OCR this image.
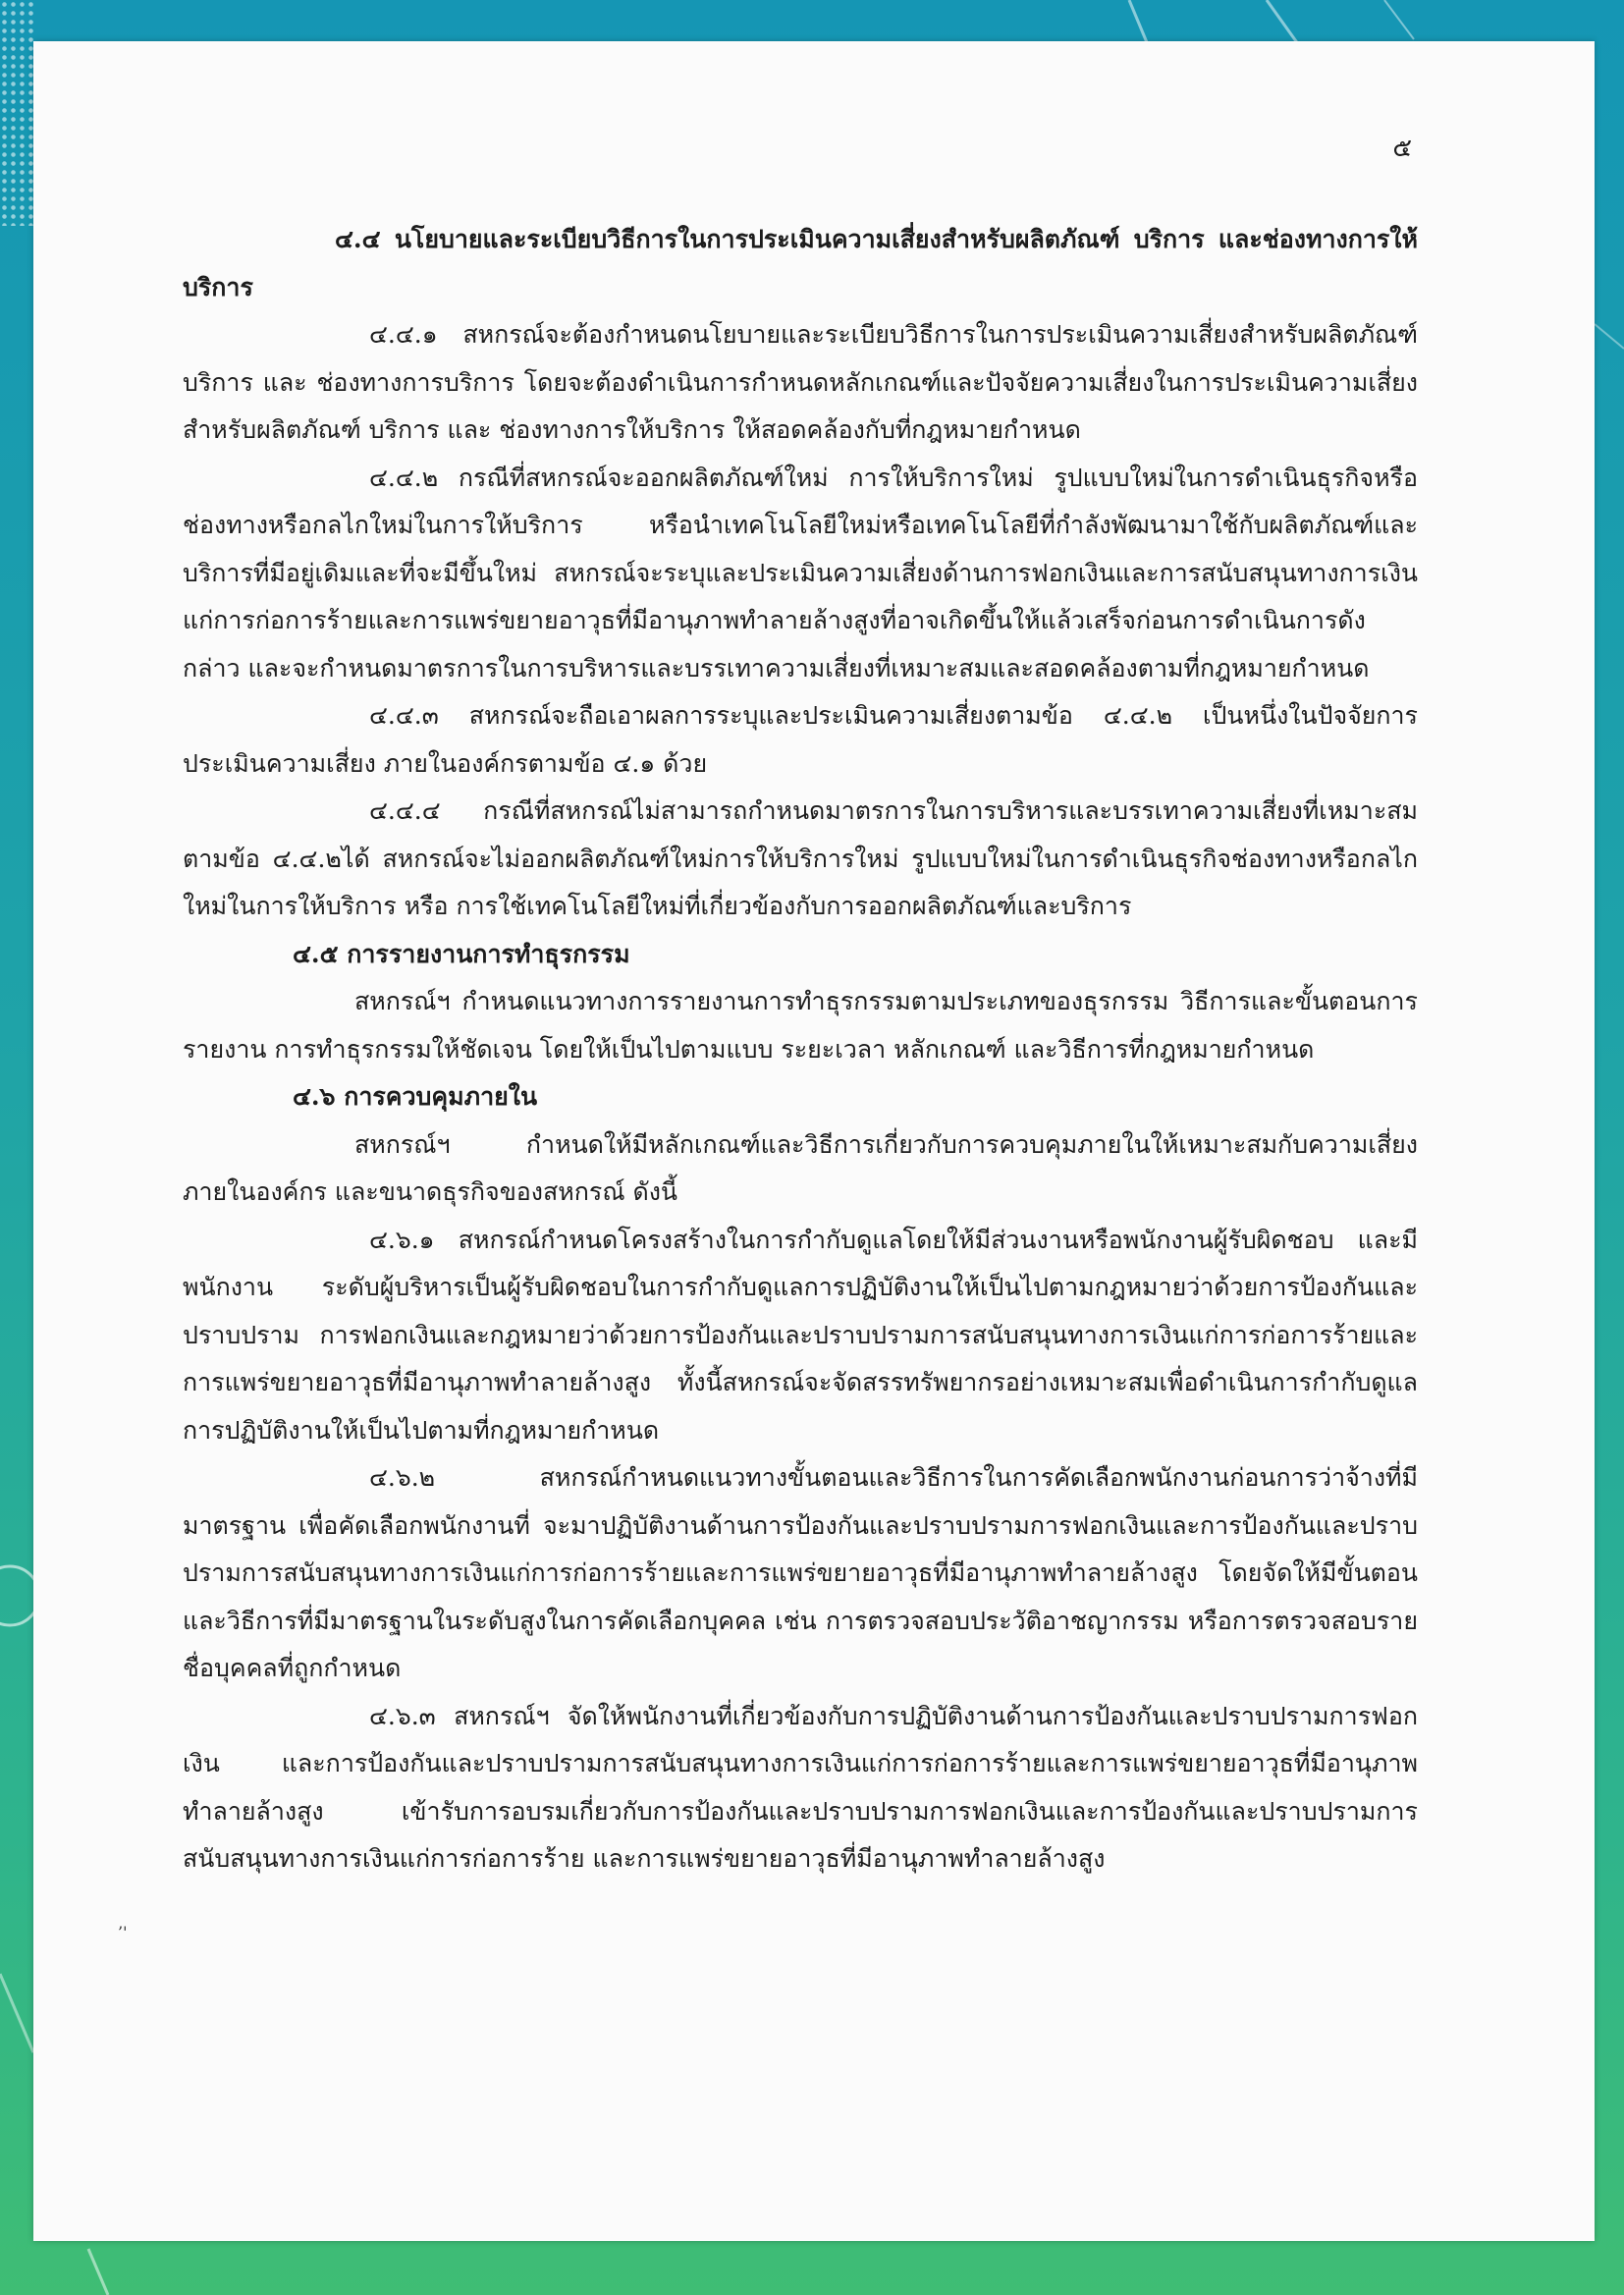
๕

๔.๔ นโยบายและระเบียบวิธีการในการประเมินความเสี่ยงสำหรับผลิตภัณฑ์ บริการ และช่องทางการให้บริการ

๔.๔.๑ สหกรณ์จะต้องกำหนดนโยบายและระเบียบวิธีการในการประเมินความเสี่ยงสำหรับผลิตภัณฑ์ บริการ และ ช่องทางการบริการ โดยจะต้องดำเนินการกำหนดหลักเกณฑ์และปัจจัยความเสี่ยงในการประเมินความเสี่ยงสำหรับผลิตภัณฑ์ บริการ และ ช่องทางการให้บริการ ให้สอดคล้องกับที่กฎหมายกำหนด

๔.๔.๒ กรณีที่สหกรณ์จะออกผลิตภัณฑ์ใหม่ การให้บริการใหม่ รูปแบบใหม่ในการดำเนินธุรกิจหรือช่องทางหรือกลไกใหม่ในการให้บริการ หรือนำเทคโนโลยีใหม่หรือเทคโนโลยีที่กำลังพัฒนามาใช้กับผลิตภัณฑ์และบริการที่มีอยู่เดิมและที่จะมีขึ้นใหม่ สหกรณ์จะระบุและประเมินความเสี่ยงด้านการฟอกเงินและการสนับสนุนทางการเงินแก่การก่อการร้ายและการแพร่ขยายอาวุธที่มีอานุภาพทำลายล้างสูงที่อาจเกิดขึ้นให้แล้วเสร็จก่อนการดำเนินการดังกล่าว และจะกำหนดมาตรการในการบริหารและบรรเทาความเสี่ยงที่เหมาะสมและสอดคล้องตามที่กฎหมายกำหนด

๔.๔.๓ สหกรณ์จะถือเอาผลการระบุและประเมินความเสี่ยงตามข้อ ๔.๔.๒ เป็นหนึ่งในปัจจัยการประเมินความเสี่ยง ภายในองค์กรตามข้อ ๔.๑ ด้วย

๔.๔.๔ กรณีที่สหกรณ์ไม่สามารถกำหนดมาตรการในการบริหารและบรรเทาความเสี่ยงที่เหมาะสมตามข้อ ๔.๔.๒ได้ สหกรณ์จะไม่ออกผลิตภัณฑ์ใหม่การให้บริการใหม่ รูปแบบใหม่ในการดำเนินธุรกิจช่องทางหรือกลไกใหม่ในการให้บริการ หรือ การใช้เทคโนโลยีใหม่ที่เกี่ยวข้องกับการออกผลิตภัณฑ์และบริการ

๔.๕ การรายงานการทำธุรกรรม

สหกรณ์ฯ กำหนดแนวทางการรายงานการทำธุรกรรมตามประเภทของธุรกรรม วิธีการและขั้นตอนการรายงาน การทำธุรกรรมให้ชัดเจน โดยให้เป็นไปตามแบบ ระยะเวลา หลักเกณฑ์ และวิธีการที่กฎหมายกำหนด

๔.๖ การควบคุมภายใน

สหกรณ์ฯ กำหนดให้มีหลักเกณฑ์และวิธีการเกี่ยวกับการควบคุมภายในให้เหมาะสมกับความเสี่ยงภายในองค์กร และขนาดธุรกิจของสหกรณ์ ดังนี้

๔.๖.๑ สหกรณ์กำหนดโครงสร้างในการกำกับดูแลโดยให้มีส่วนงานหรือพนักงานผู้รับผิดชอบ และมีพนักงาน ระดับผู้บริหารเป็นผู้รับผิดชอบในการกำกับดูแลการปฏิบัติงานให้เป็นไปตามกฎหมายว่าด้วยการป้องกันและปราบปราม การฟอกเงินและกฎหมายว่าด้วยการป้องกันและปราบปรามการสนับสนุนทางการเงินแก่การก่อการร้ายและการแพร่ขยายอาวุธที่มีอานุภาพทำลายล้างสูง ทั้งนี้สหกรณ์จะจัดสรรทรัพยากรอย่างเหมาะสมเพื่อดำเนินการกำกับดูแลการปฏิบัติงานให้เป็นไปตามที่กฎหมายกำหนด

๔.๖.๒ สหกรณ์กำหนดแนวทางขั้นตอนและวิธีการในการคัดเลือกพนักงานก่อนการว่าจ้างที่มีมาตรฐาน เพื่อคัดเลือกพนักงานที่ จะมาปฏิบัติงานด้านการป้องกันและปราบปรามการฟอกเงินและการป้องกันและปราบปรามการสนับสนุนทางการเงินแก่การก่อการร้ายและการแพร่ขยายอาวุธที่มีอานุภาพทำลายล้างสูง โดยจัดให้มีขั้นตอนและวิธีการที่มีมาตรฐานในระดับสูงในการคัดเลือกบุคคล เช่น การตรวจสอบประวัติอาชญากรรม หรือการตรวจสอบรายชื่อบุคคลที่ถูกกำหนด

๔.๖.๓ สหกรณ์ฯ จัดให้พนักงานที่เกี่ยวข้องกับการปฏิบัติงานด้านการป้องกันและปราบปรามการฟอกเงิน และการป้องกันและปราบปรามการสนับสนุนทางการเงินแก่การก่อการร้ายและการแพร่ขยายอาวุธที่มีอานุภาพทำลายล้างสูง เข้ารับการอบรมเกี่ยวกับการป้องกันและปราบปรามการฟอกเงินและการป้องกันและปราบปรามการสนับสนุนทางการเงินแก่การก่อการร้าย และการแพร่ขยายอาวุธที่มีอานุภาพทำลายล้างสูง

’'
